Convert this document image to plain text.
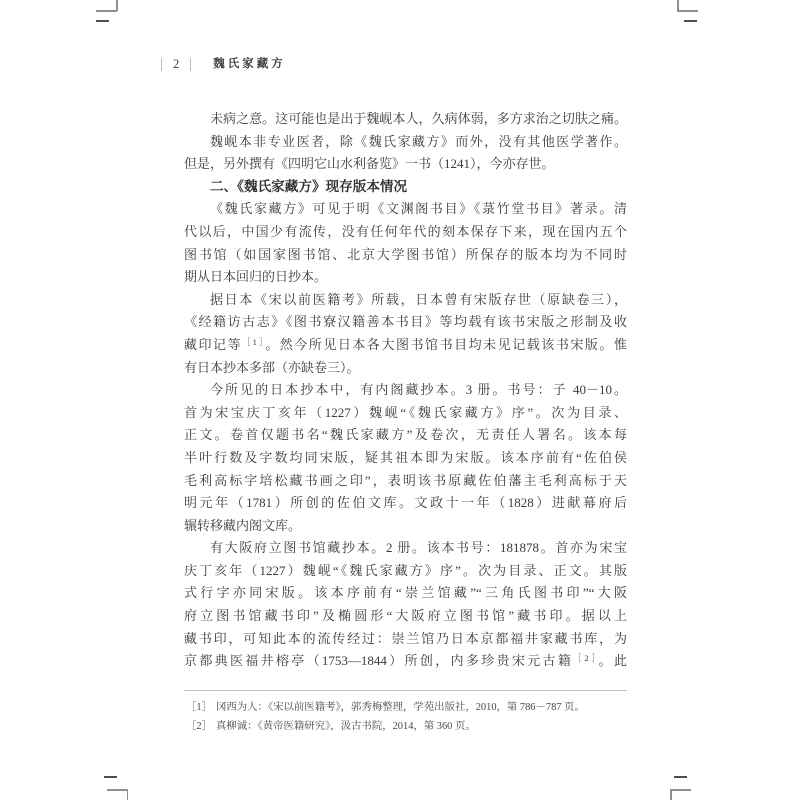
2	魏氏家藏方
未病之意。这可能也是出于魏岘本人，久病体弱，多方求治之切肤之痛。
魏岘本非专业医者，除《魏氏家藏方》而外，没有其他医学著作。
但是，另外撰有《四明它山水利备览》一书（1241），今亦存世。
二、《魏氏家藏方》现存版本情况
《魏氏家藏方》可见于明《文渊阁书目》《菉竹堂书目》著录。清
代以后，中国少有流传，没有任何年代的刻本保存下来，现在国内五个
图书馆（如国家图书馆、北京大学图书馆）所保存的版本均为不同时
期从日本回归的日抄本。
据日本《宋以前医籍考》所载，日本曾有宋版存世（原缺卷三），
《经籍访古志》《图书寮汉籍善本书目》等均载有该书宋版之形制及收
藏印记等$^{[1]}$。然今所见日本各大图书馆书目均未见记载该书宋版。惟
有日本抄本多部（亦缺卷三）。
今所见的日本抄本中，有内阁藏抄本。3 册。书号：子 40－10。
首为宋宝庆丁亥年（1227）魏岘“《魏氏家藏方》序”。次为目录、
正文。卷首仅题书名“魏氏家藏方”及卷次，无责任人署名。该本每
半叶行数及字数均同宋版，疑其祖本即为宋版。该本序前有“佐伯侯
毛利高标字培松藏书画之印”，表明该书原藏佐伯藩主毛利高标于天
明元年（1781）所创的佐伯文库。文政十一年（1828）进献幕府后
辗转移藏内阁文库。
有大阪府立图书馆藏抄本。2 册。该本书号：181878。首亦为宋宝
庆丁亥年（1227）魏岘“《魏氏家藏方》序”。次为目录、正文。其版
式行字亦同宋版。该本序前有“崇兰馆藏”“三角氏图书印”“大阪
府立图书馆藏书印”及椭圆形“大阪府立图书馆”藏书印。据以上
藏书印，可知此本的流传经过：崇兰馆乃日本京都福井家藏书库，为
京都典医福井榕亭（1753—1844）所创，内多珍贵宋元古籍$^{[2]}$。此

［1］ 冈西为人：《宋以前医籍考》，郭秀梅整理，学苑出版社，2010，第 786－787 页。

［2］ 真柳诚：《黄帝医籍研究》，汲古书院，2014，第 360 页。
